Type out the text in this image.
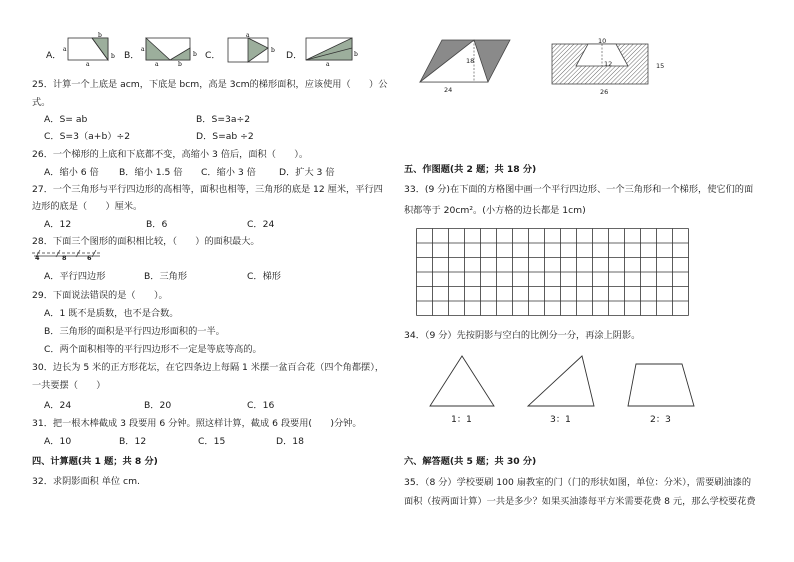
A．
a
b
b
a
B．
a
b
a	b
C．	b
a
D．
a
b
25．计算一个上底是 acm，下底是 bcm，高是 3cm的梯形面积，应该使用（　　）公
式。
A．S= ab	B．S=3a÷2
C．S=3（a+b）÷2	D．S=ab ÷2
26．一个梯形的上底和下底都不变，高缩小 3 倍后，面积（　　）。
A．缩小 6 倍 B．缩小 1.5 倍 C．缩小 3 倍	D．扩大 3 倍
27．一个三角形与平行四边形的高相等，面积也相等，三角形的底是 12 厘米，平行四
边形的底是（　　）厘米。
A．12	B．6	C．24
28．下面三个图形的面积相比较，（　　）的面积最大。
4	8	6
A．平行四边形	B．三角形	C．梯形
29．下面说法错误的是（　　）。
A．1 既不是质数，也不是合数。
B．三角形的面积是平行四边形面积的一半。
C．两个面积相等的平行四边形不一定是等底等高的。
30．边长为 5 米的正方形花坛，在它四条边上每隔 1 米摆一盆百合花（四个角都摆），
一共要摆（　　）
A．24	B．20	C．16
31．把一根木棒截成 3 段要用 6 分钟。照这样计算，截成 6 段要用(　　)分钟。
A．10	B．12	C．15	D．18
四、计算题(共 1 题；共 8 分)
32．求阴影面积 单位 cm.
18
24
10
12	15
26
五、作图题(共 2 题；共 18 分)
33．(9 分)在下面的方格图中画一个平行四边形、一个三角形和一个梯形，使它们的面
积都等于 20cm²。(小方格的边长都是 1cm)
34．（9 分）先按阴影与空白的比例分一分，再涂上阴影。
1：1	3：1	2：3
六、解答题(共 5 题；共 30 分)
35．（8 分）学校要刷 100 扇教室的门（门的形状如图，单位：分米），需要刷油漆的
面积（按两面计算）一共是多少？如果买油漆每平方米需要花费 8 元，那么学校要花费
